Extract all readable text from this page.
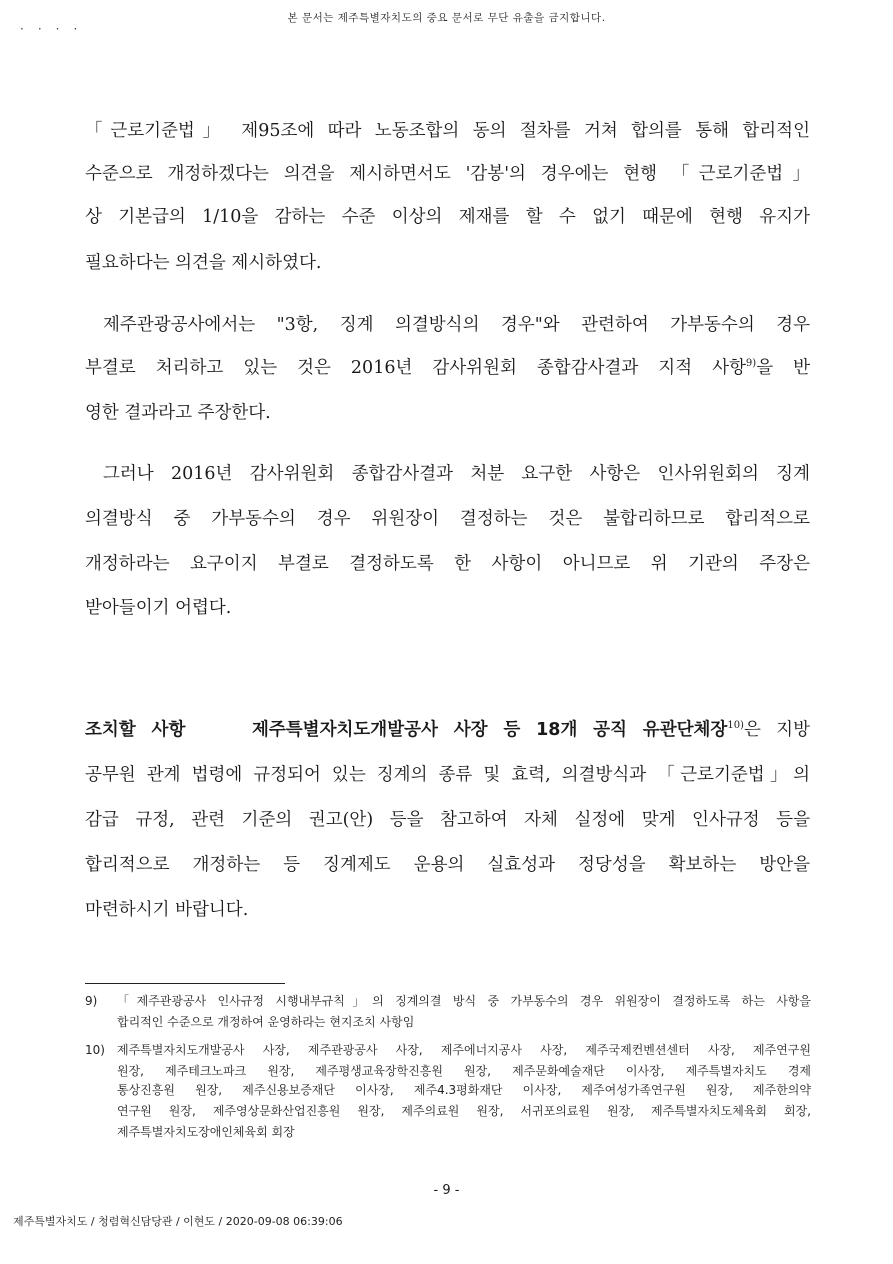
본 문서는 제주특별자치도의 중요 문서로 무단 유출을 금지합니다.
····
「근로기준법」 제95조에 따라 노동조합의 동의 절차를 거쳐 합의를 통해 합리적인
수준으로 개정하겠다는 의견을 제시하면서도 '감봉'의 경우에는 현행 「근로기준법」
상 기본급의 1/10을 감하는 수준 이상의 제재를 할 수 없기 때문에 현행 유지가
필요하다는 의견을 제시하였다.
제주관광공사에서는 "3항, 징계 의결방식의 경우"와 관련하여 가부동수의 경우
부결로 처리하고 있는 것은 2016년 감사위원회 종합감사결과 지적 사항$^{9)}$을 반
영한 결과라고 주장한다.
그러나 2016년 감사위원회 종합감사결과 처분 요구한 사항은 인사위원회의 징계
의결방식 중 가부동수의 경우 위원장이 결정하는 것은 불합리하므로 합리적으로
개정하라는 요구이지 부결로 결정하도록 한 사항이 아니므로 위 기관의 주장은
받아들이기 어렵다.
조치할 사항	제주특별자치도개발공사 사장 등 18개 공직 유관단체장$^{10)}$은 지방
공무원 관계 법령에 규정되어 있는 징계의 종류 및 효력, 의결방식과 「근로기준법」의
감급 규정, 관련 기준의 권고(안) 등을 참고하여 자체 실정에 맞게 인사규정 등을
합리적으로 개정하는 등 징계제도 운용의 실효성과 정당성을 확보하는 방안을
마련하시기 바랍니다.
9) 「제주관광공사 인사규정 시행내부규칙」의 징계의결 방식 중 가부동수의 경우 위원장이 결정하도록 하는 사항을
합리적인 수준으로 개정하여 운영하라는 현지조치 사항임
10) 제주특별자치도개발공사 사장, 제주관광공사 사장, 제주에너지공사 사장, 제주국제컨벤션센터 사장, 제주연구원
원장, 제주테크노파크 원장, 제주평생교육장학진흥원 원장, 제주문화예술재단 이사장, 제주특별자치도 경제
통상진흥원 원장, 제주신용보증재단 이사장, 제주4.3평화재단 이사장, 제주여성가족연구원 원장, 제주한의약
연구원 원장, 제주영상문화산업진흥원 원장, 제주의료원 원장, 서귀포의료원 원장, 제주특별자치도체육회 회장,
제주특별자치도장애인체육회 회장
- 9 -
제주특별자치도 / 청렴혁신담당관 / 이현도 / 2020-09-08 06:39:06
